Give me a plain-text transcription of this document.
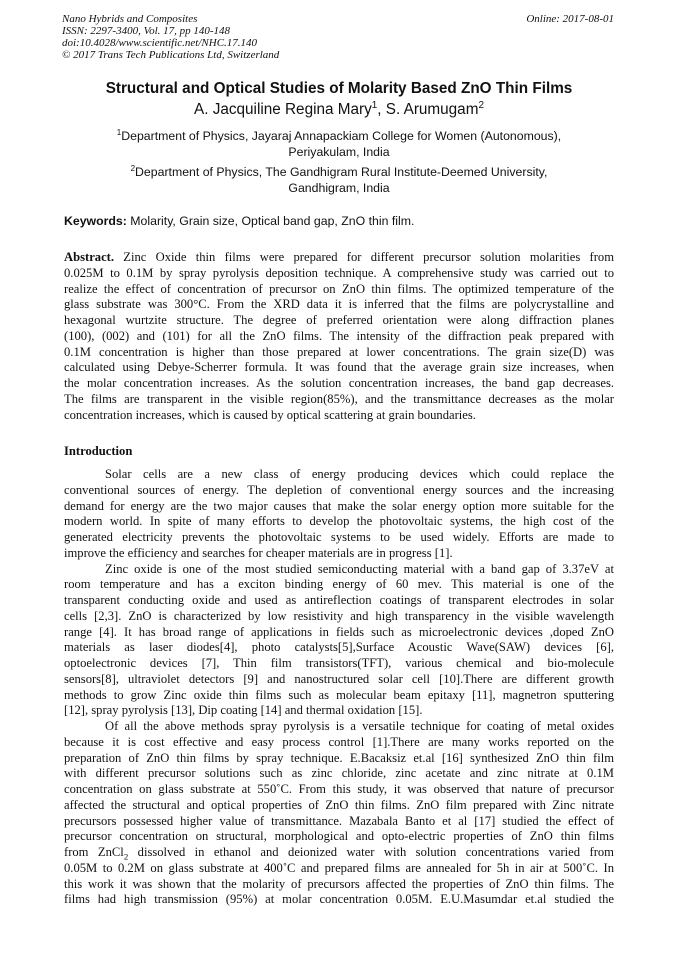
Nano Hybrids and Composites
ISSN: 2297-3400, Vol. 17, pp 140-148
doi:10.4028/www.scientific.net/NHC.17.140
© 2017 Trans Tech Publications Ltd, Switzerland
Online: 2017-08-01
Structural and Optical Studies of Molarity Based ZnO Thin Films
A. Jacquiline Regina Mary$^1$, S. Arumugam$^2$
$^1$Department of Physics, Jayaraj Annapackiam College for Women (Autonomous),
Periyakulam, India
$^2$Department of Physics, The Gandhigram Rural Institute-Deemed University,
Gandhigram, India
Keywords: Molarity, Grain size, Optical band gap, ZnO thin film.
Abstract. Zinc Oxide thin films were prepared for different precursor solution molarities from
0.025M to 0.1M by spray pyrolysis deposition technique. A comprehensive study was carried out to
realize the effect of concentration of precursor on ZnO thin films. The optimized temperature of the
glass substrate was 300°C. From the XRD data it is inferred that the films are polycrystalline and
hexagonal wurtzite structure. The degree of preferred orientation were along diffraction planes
(100), (002) and (101) for all the ZnO films. The intensity of the diffraction peak prepared with
0.1M concentration is higher than those prepared at lower concentrations. The grain size(D) was
calculated using Debye-Scherrer formula. It was found that the average grain size increases, when
the molar concentration increases. As the solution concentration increases, the band gap decreases.
The films are transparent in the visible region(85%), and the transmittance decreases as the molar
concentration increases, which is caused by optical scattering at grain boundaries.
Introduction
Solar cells are a new class of energy producing devices which could replace the
conventional sources of energy. The depletion of conventional energy sources and the increasing
demand for energy are the two major causes that make the solar energy option more suitable for the
modern world. In spite of many efforts to develop the photovoltaic systems, the high cost of the
generated electricity prevents the photovoltaic systems to be used widely. Efforts are made to
improve the efficiency and searches for cheaper materials are in progress [1].
Zinc oxide is one of the most studied semiconducting material with a band gap of 3.37eV at
room temperature and has a exciton binding energy of 60 mev. This material is one of the
transparent conducting oxide and used as antireflection coatings of transparent electrodes in solar
cells [2,3]. ZnO is characterized by low resistivity and high transparency in the visible wavelength
range [4]. It has broad range of applications in fields such as microelectronic devices ,doped ZnO
materials as laser diodes[4], photo catalysts[5],Surface Acoustic Wave(SAW) devices [6],
optoelectronic devices [7], Thin film transistors(TFT), various chemical and bio-molecule
sensors[8], ultraviolet detectors [9] and nanostructured solar cell [10].There are different growth
methods to grow Zinc oxide thin films such as molecular beam epitaxy [11], magnetron sputtering
[12], spray pyrolysis [13], Dip coating [14] and thermal oxidation [15].
Of all the above methods spray pyrolysis is a versatile technique for coating of metal oxides
because it is cost effective and easy process control [1].There are many works reported on the
preparation of ZnO thin films by spray technique. E.Bacaksiz et.al [16] synthesized ZnO thin film
with different precursor solutions such as zinc chloride, zinc acetate and zinc nitrate at 0.1M
concentration on glass substrate at 550˚C. From this study, it was observed that nature of precursor
affected the structural and optical properties of ZnO thin films. ZnO film prepared with Zinc nitrate
precursors possessed higher value of transmittance. Mazabala Banto et al [17] studied the effect of
precursor concentration on structural, morphological and opto-electric properties of ZnO thin films
from ZnCl$_2$ dissolved in ethanol and deionized water with solution concentrations varied from
0.05M to 0.2M on glass substrate at 400˚C and prepared films are annealed for 5h in air at 500˚C. In
this work it was shown that the molarity of precursors affected the properties of ZnO thin films. The
films had high transmission (95%) at molar concentration 0.05M. E.U.Masumdar et.al studied the
